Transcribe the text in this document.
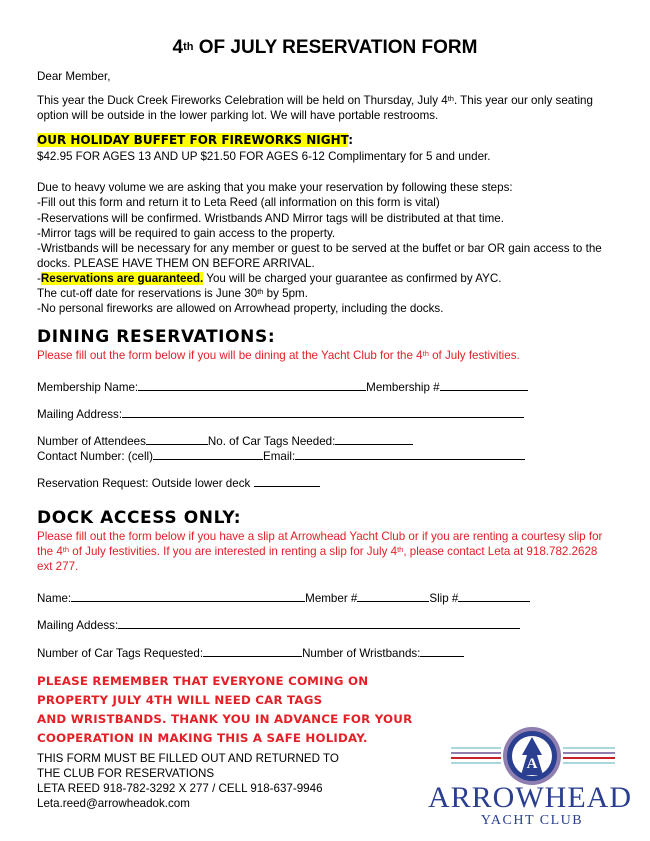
4th OF JULY RESERVATION FORM
Dear Member,
This year the Duck Creek Fireworks Celebration will be held on Thursday, July 4th. This year our only seating
option will be outside in the lower parking lot. We will have portable restrooms.
OUR HOLIDAY BUFFET FOR FIREWORKS NIGHT:
$42.95 FOR AGES 13 AND UP $21.50 FOR AGES 6-12 Complimentary for 5 and under.
Due to heavy volume we are asking that you make your reservation by following these steps:
-Fill out this form and return it to Leta Reed (all information on this form is vital)
-Reservations will be confirmed. Wristbands AND Mirror tags will be distributed at that time.
-Mirror tags will be required to gain access to the property.
-Wristbands will be necessary for any member or guest to be served at the buffet or bar OR gain access to the
docks. PLEASE HAVE THEM ON BEFORE ARRIVAL.
-Reservations are guaranteed. You will be charged your guarantee as confirmed by AYC.
The cut-off date for reservations is June 30th by 5pm.
-No personal fireworks are allowed on Arrowhead property, including the docks.
DINING RESERVATIONS:
Please fill out the form below if you will be dining at the Yacht Club for the 4th of July festivities.
Membership Name:	Membership #
Mailing Address:
Number of Attendees	No. of Car Tags Needed:
Contact Number: (cell)	Email:
Reservation Request: Outside lower deck
DOCK ACCESS ONLY:
Please fill out the form below if you have a slip at Arrowhead Yacht Club or if you are renting a courtesy slip for
the 4th of July festivities. If you are interested in renting a slip for July 4th, please contact Leta at 918.782.2628
ext 277.
Name:	Member #	Slip #
Mailing Addess:
Number of Car Tags Requested:	Number of Wristbands:
PLEASE REMEMBER THAT EVERYONE COMING ON
PROPERTY JULY 4TH WILL NEED CAR TAGS
AND WRISTBANDS. THANK YOU IN ADVANCE FOR YOUR
COOPERATION IN MAKING THIS A SAFE HOLIDAY.
THIS FORM MUST BE FILLED OUT AND RETURNED TO
THE CLUB FOR RESERVATIONS
LETA REED 918-782-3292 X 277 / CELL 918-637-9946
Leta.reed@arrowheadok.com
A
ARROWHEAD
YACHT CLUB
